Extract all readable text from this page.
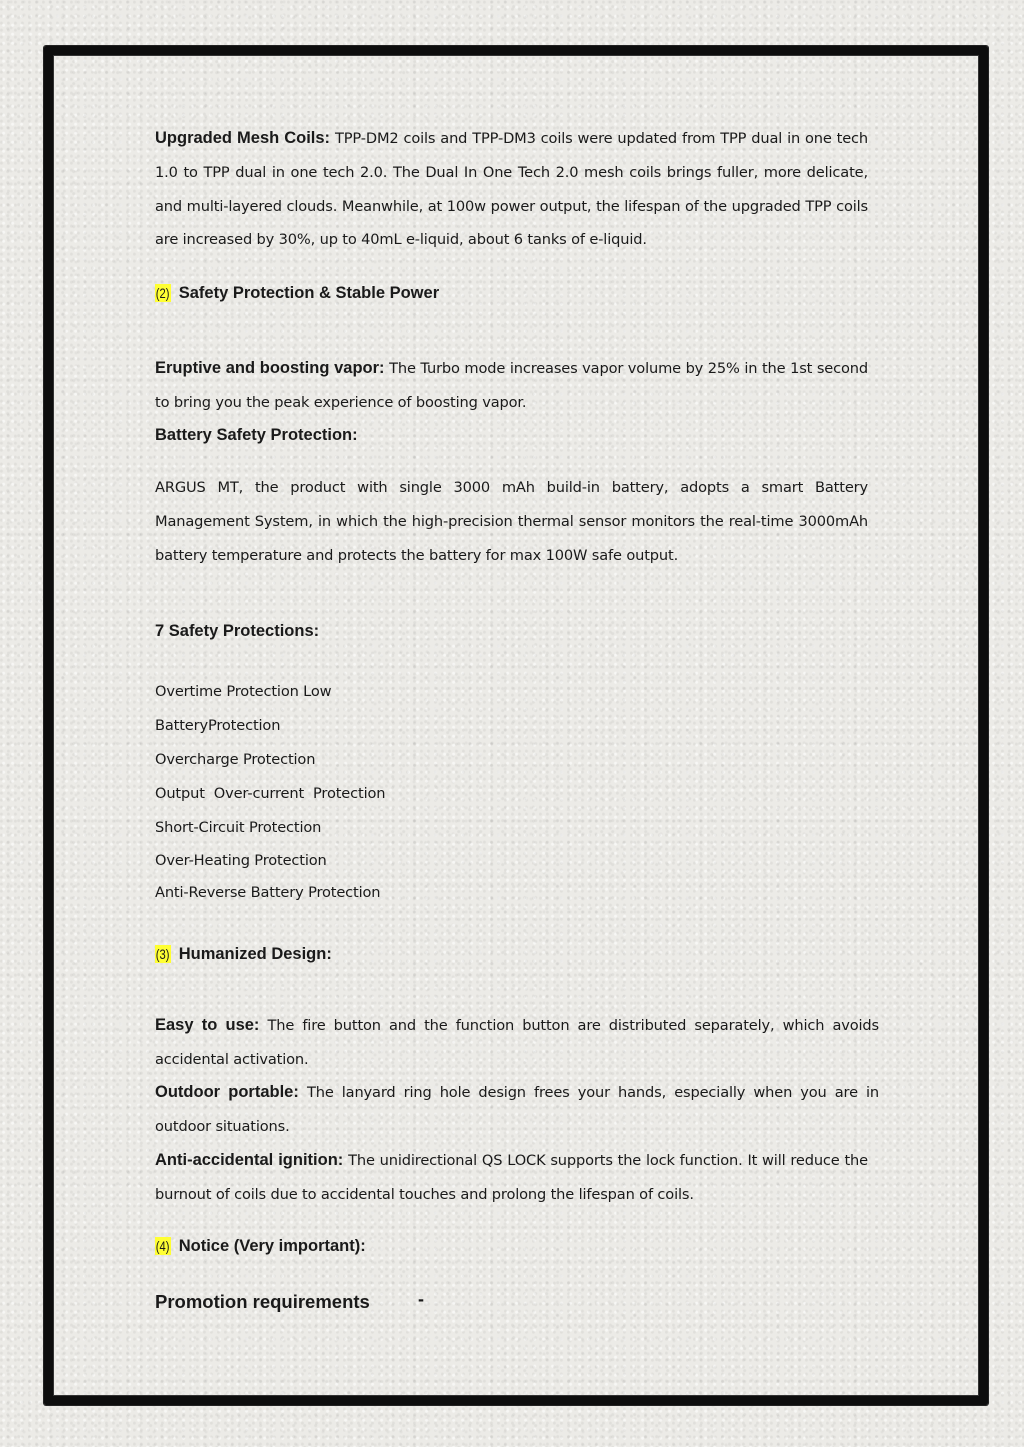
Upgraded Mesh Coils: TPP-DM2 coils and TPP-DM3 coils were updated from TPP dual in one tech 1.0 to TPP dual in one tech 2.0. The Dual In One Tech 2.0 mesh coils brings fuller, more delicate, and multi-layered clouds. Meanwhile, at 100w power output, the lifespan of the upgraded TPP coils are increased by 30%, up to 40mL e-liquid, about 6 tanks of e-liquid.
(2) Safety Protection & Stable Power
Eruptive and boosting vapor: The Turbo mode increases vapor volume by 25% in the 1st second to bring you the peak experience of boosting vapor.
Battery Safety Protection:
ARGUS MT, the product with single 3000 mAh build-in battery, adopts a smart Battery Management System, in which the high-precision thermal sensor monitors the real-time 3000mAh battery temperature and protects the battery for max 100W safe output.
7 Safety Protections:
Overtime Protection Low
BatteryProtection
Overcharge Protection
Output  Over-current  Protection
Short-Circuit Protection
Over-Heating Protection
Anti-Reverse Battery Protection
(3) Humanized Design:
Easy to use: The fire button and the function button are distributed separately, which avoids accidental activation.
Outdoor portable: The lanyard ring hole design frees your hands, especially when you are in outdoor situations.
Anti-accidental ignition: The unidirectional QS LOCK supports the lock function. It will reduce the burnout of coils due to accidental touches and prolong the lifespan of coils.
(4) Notice (Very important):
Promotion requirements	-
